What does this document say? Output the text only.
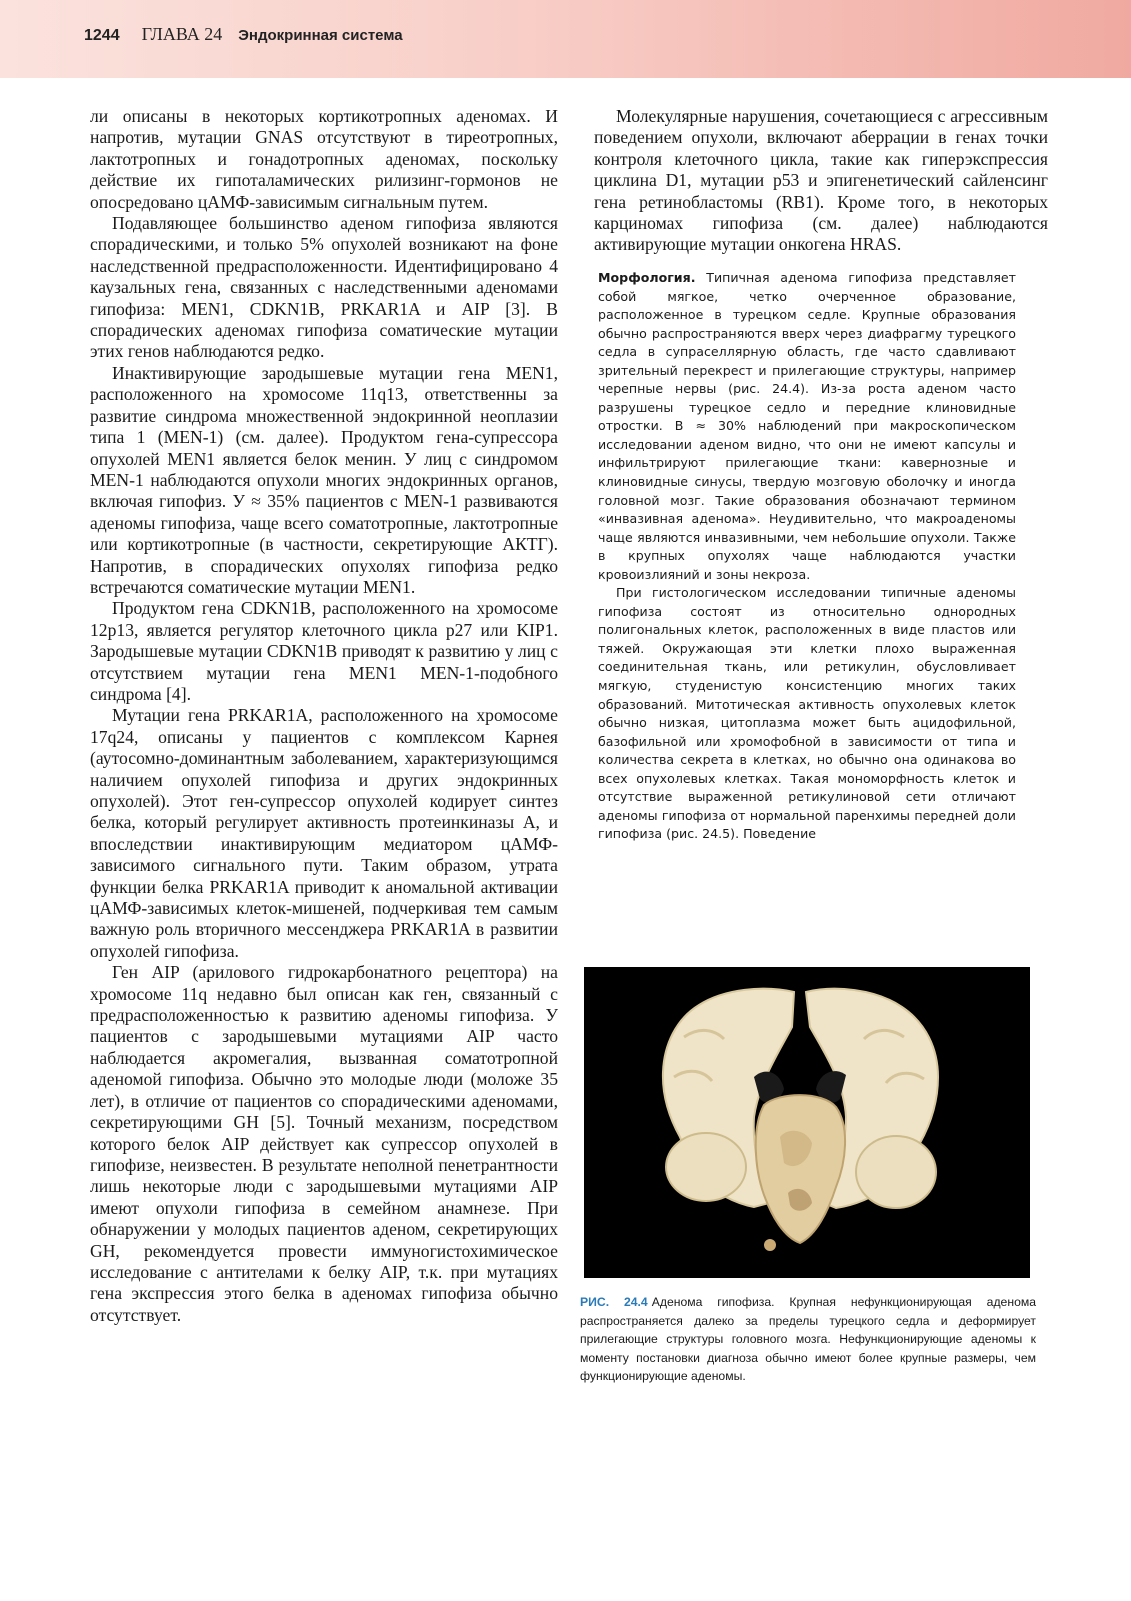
1244 ГЛАВА 24 Эндокринная система

ли описаны в некоторых кортикотропных аденомах. И напротив, мутации GNAS отсутствуют в тиреотропных, лактотропных и гонадотропных аденомах, поскольку действие их гипоталамических рилизинг-гормонов не опосредовано цАМФ-зависимым сигнальным путем.

Подавляющее большинство аденом гипофиза являются спорадическими, и только 5% опухолей возникают на фоне наследственной предрасположенности. Идентифицировано 4 каузальных гена, связанных с наследственными аденомами гипофиза: MEN1, CDKN1B, PRKAR1A и AIP [3]. В спорадических аденомах гипофиза соматические мутации этих генов наблюдаются редко.

Инактивирующие зародышевые мутации гена MEN1, расположенного на хромосоме 11q13, ответственны за развитие синдрома множественной эндокринной неоплазии типа 1 (MEN-1) (см. далее). Продуктом гена-супрессора опухолей MEN1 является белок менин. У лиц с синдромом MEN-1 наблюдаются опухоли многих эндокринных органов, включая гипофиз. У ≈ 35% пациентов с MEN-1 развиваются аденомы гипофиза, чаще всего соматотропные, лактотропные или кортикотропные (в частности, секретирующие АКТГ). Напротив, в спорадических опухолях гипофиза редко встречаются соматические мутации MEN1.

Продуктом гена CDKN1B, расположенного на хромосоме 12p13, является регулятор клеточного цикла p27 или KIP1. Зародышевые мутации CDKN1B приводят к развитию у лиц с отсутствием мутации гена MEN1 MEN-1-подобного синдрома [4].

Мутации гена PRKAR1A, расположенного на хромосоме 17q24, описаны у пациентов с комплексом Карнея (аутосомно-доминантным заболеванием, характеризующимся наличием опухолей гипофиза и других эндокринных опухолей). Этот ген-супрессор опухолей кодирует синтез белка, который регулирует активность протеинкиназы A, и впоследствии инактивирующим медиатором цАМФ-зависимого сигнального пути. Таким образом, утрата функции белка PRKAR1A приводит к аномальной активации цАМФ-зависимых клеток-мишеней, подчеркивая тем самым важную роль вторичного мессенджера PRKAR1A в развитии опухолей гипофиза.

Ген AIP (арилового гидрокарбонатного рецептора) на хромосоме 11q недавно был описан как ген, связанный с предрасположенностью к развитию аденомы гипофиза. У пациентов с зародышевыми мутациями AIP часто наблюдается акромегалия, вызванная соматотропной аденомой гипофиза. Обычно это молодые люди (моложе 35 лет), в отличие от пациентов со спорадическими аденомами, секретирующими GH [5]. Точный механизм, посредством которого белок AIP действует как супрессор опухолей в гипофизе, неизвестен. В результате неполной пенетрантности лишь некоторые люди с зародышевыми мутациями AIP имеют опухоли гипофиза в семейном анамнезе. При обнаружении у молодых пациентов аденом, секретирующих GH, рекомендуется провести иммуногистохимическое исследование с антителами к белку AIP, т.к. при мутациях гена экспрессия этого белка в аденомах гипофиза обычно отсутствует.

Молекулярные нарушения, сочетающиеся с агрессивным поведением опухоли, включают аберрации в генах точки контроля клеточного цикла, такие как гиперэкспрессия циклина D1, мутации p53 и эпигенетический сайленсинг гена ретинобластомы (RB1). Кроме того, в некоторых карциномах гипофиза (см. далее) наблюдаются активирующие мутации онкогена HRAS.

Морфология. Типичная аденома гипофиза представляет собой мягкое, четко очерченное образование, расположенное в турецком седле. Крупные образования обычно распространяются вверх через диафрагму турецкого седла в супраселлярную область, где часто сдавливают зрительный перекрест и прилегающие структуры, например черепные нервы (рис. 24.4). Из-за роста аденом часто разрушены турецкое седло и передние клиновидные отростки. В ≈ 30% наблюдений при макроскопическом исследовании аденом видно, что они не имеют капсулы и инфильтрируют прилегающие ткани: кавернозные и клиновидные синусы, твердую мозговую оболочку и иногда головной мозг. Такие образования обозначают термином «инвазивная аденома». Неудивительно, что макроаденомы чаще являются инвазивными, чем небольшие опухоли. Также в крупных опухолях чаще наблюдаются участки кровоизлияний и зоны некроза.

При гистологическом исследовании типичные аденомы гипофиза состоят из относительно однородных полигональных клеток, расположенных в виде пластов или тяжей. Окружающая эти клетки плохо выраженная соединительная ткань, или ретикулин, обусловливает мягкую, студенистую консистенцию многих таких образований. Митотическая активность опухолевых клеток обычно низкая, цитоплазма может быть ацидофильной, базофильной или хромофобной в зависимости от типа и количества секрета в клетках, но обычно она одинакова во всех опухолевых клетках. Такая мономорфность клеток и отсутствие выраженной ретикулиновой сети отличают аденомы гипофиза от нормальной паренхимы передней доли гипофиза (рис. 24.5). Поведение

РИС. 24.4 Аденома гипофиза. Крупная нефункционирующая аденома распространяется далеко за пределы турецкого седла и деформирует прилегающие структуры головного мозга. Нефункционирующие аденомы к моменту постановки диагноза обычно имеют более крупные размеры, чем функционирующие аденомы.
